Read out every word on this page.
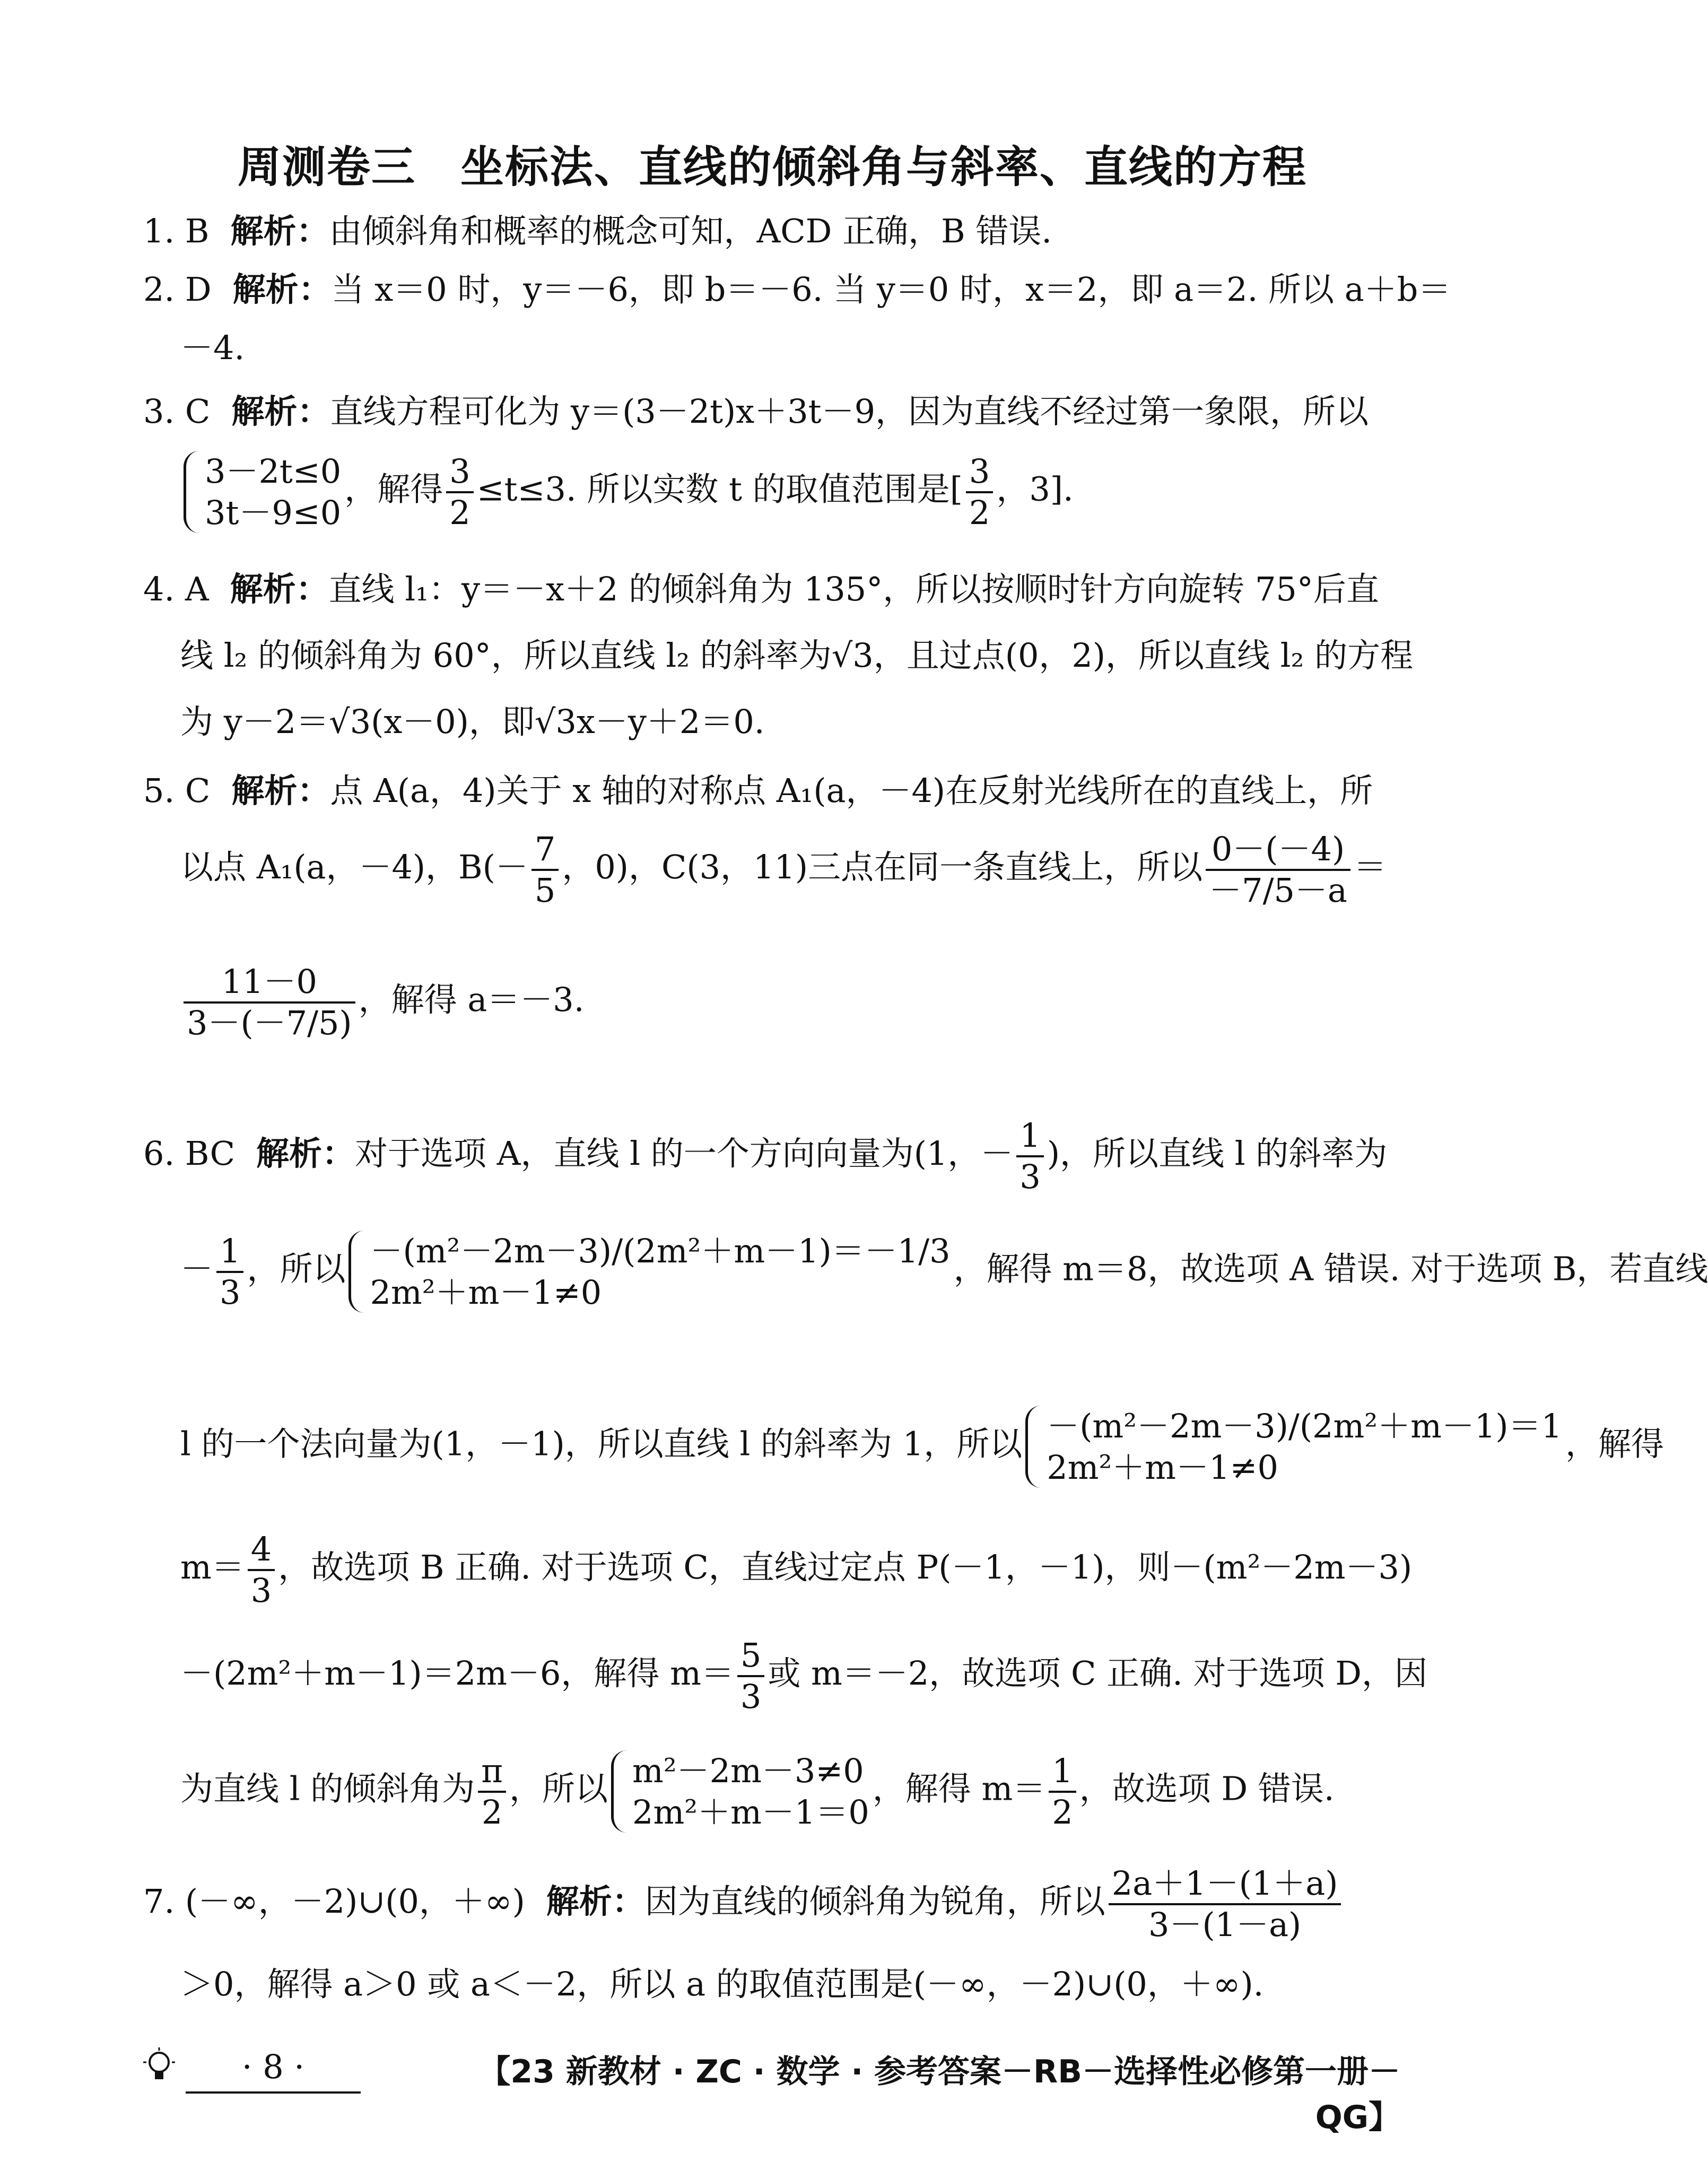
周测卷三　坐标法、直线的倾斜角与斜率、直线的方程
1. B 解析：由倾斜角和概率的概念可知，ACD 正确，B 错误.
2. D 解析：当 x＝0 时，y＝－6，即 b＝－6. 当 y＝0 时，x＝2，即 a＝2. 所以 a＋b＝
－4.
3. C 解析：直线方程可化为 y＝(3－2t)x＋3t－9，因为直线不经过第一象限，所以
3－2t≤0
3t－9≤0
，解得 $\frac{3}{2} \le t\le 3$. 所以实数 t 的取值范围是[ $\frac{3}{2}$ ，3].
4. A 解析：直线 l₁：y＝－x＋2 的倾斜角为 135°，所以按顺时针方向旋转 75°后直
线 l₂ 的倾斜角为 60°，所以直线 l₂ 的斜率为√3，且过点(0，2)，所以直线 l₂ 的方程
为 y－2＝√3(x－0)，即√3x－y＋2＝0.
5. C 解析：点 A(a，4)关于 x 轴的对称点 A₁(a，－4)在反射光线所在的直线上，所
以点 A₁(a，－4)，$B(- \frac{7}{5}$ ，0)，C(3，11)三点在同一条直线上，所以 $\frac{0-(-4)}{-7/5-a}$ ＝
$\frac{11-0}{3-(-7/5)}$ ，解得 a＝－3.
6. BC 解析：对于选项 A，直线 l 的一个方向向量为(1，－ $\frac{1}{3}$ )，所以直线 l 的斜率为
－ $\frac{1}{3}$ ，所以 －(m²－2m－3)/(2m²＋m－1)＝－1/3
2m²＋m－1≠0
，解得 m＝8，故选项 A 错误. 对于选项 B，若直线
l 的一个法向量为(1，－1)，所以直线 l 的斜率为 1，所以 －(m²－2m－3)/(2m²＋m－1)＝1
2m²＋m－1≠0
，解得
$m= \frac{4}{3}$ ，故选项 B 正确. 对于选项 C，直线过定点 P(－1，－1)，则－(m²－2m－3)
－(2m²＋m－1)＝2m－6，解得 $m= \frac{5}{3}$ 或 m＝－2，故选项 C 正确. 对于选项 D，因
为直线 l 的倾斜角为 $\frac{\pi}{2}$ ，所以 m²－2m－3≠0
2m²＋m－1＝0
，解得 $m= \frac{1}{2}$ ，故选项 D 错误.
7. (－∞，－2)∪(0，＋∞) 解析：因为直线的倾斜角为锐角，所以 $\frac{2a+1-(1+a)}{3-(1-a)}$
＞0，解得 a＞0 或 a＜－2，所以 a 的取值范围是(－∞，－2)∪(0，＋∞).
· 8 ·	【23 新教材 · ZC · 数学 · 参考答案－RB－选择性必修第一册－QG】
